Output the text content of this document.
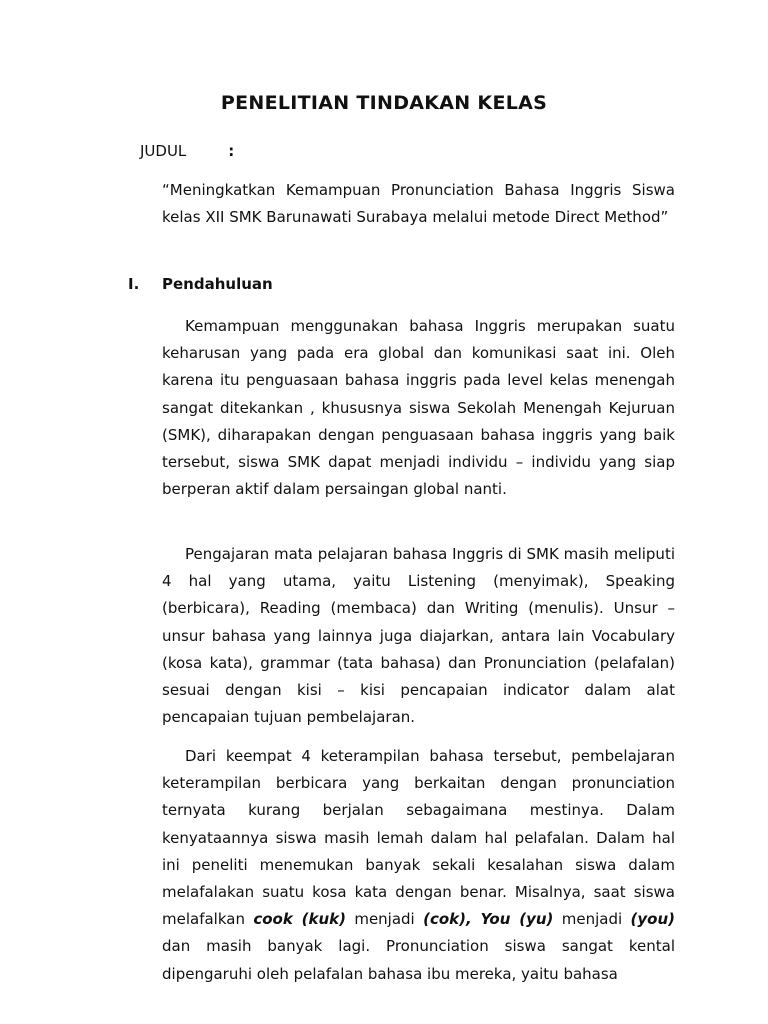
PENELITIAN TINDAKAN KELAS
JUDUL	:

“Meningkatkan Kemampuan Pronunciation Bahasa Inggris Siswa kelas XII SMK Barunawati Surabaya melalui metode Direct Method”

I. Pendahuluan

Kemampuan menggunakan bahasa Inggris merupakan suatu keharusan yang pada era global dan komunikasi saat ini. Oleh karena itu penguasaan bahasa inggris pada level kelas menengah sangat ditekankan , khususnya siswa Sekolah Menengah Kejuruan (SMK), diharapakan dengan penguasaan bahasa inggris yang baik tersebut, siswa SMK dapat menjadi individu – individu yang siap berperan aktif dalam persaingan global nanti.

Pengajaran mata pelajaran bahasa Inggris di SMK masih meliputi 4 hal yang utama, yaitu Listening (menyimak), Speaking (berbicara), Reading (membaca) dan Writing (menulis). Unsur – unsur bahasa yang lainnya juga diajarkan, antara lain Vocabulary (kosa kata), grammar (tata bahasa) dan Pronunciation (pelafalan) sesuai dengan kisi – kisi pencapaian indicator dalam alat pencapaian tujuan pembelajaran.

Dari keempat 4 keterampilan bahasa tersebut, pembelajaran keterampilan berbicara yang berkaitan dengan pronunciation ternyata kurang berjalan sebagaimana mestinya. Dalam kenyataannya siswa masih lemah dalam hal pelafalan. Dalam hal ini peneliti menemukan banyak sekali kesalahan siswa dalam melafalakan suatu kosa kata dengan benar. Misalnya, saat siswa melafalkan cook (kuk) menjadi (cok), You (yu) menjadi (you) dan masih banyak lagi. Pronunciation siswa sangat kental dipengaruhi oleh pelafalan bahasa ibu mereka, yaitu bahasa
